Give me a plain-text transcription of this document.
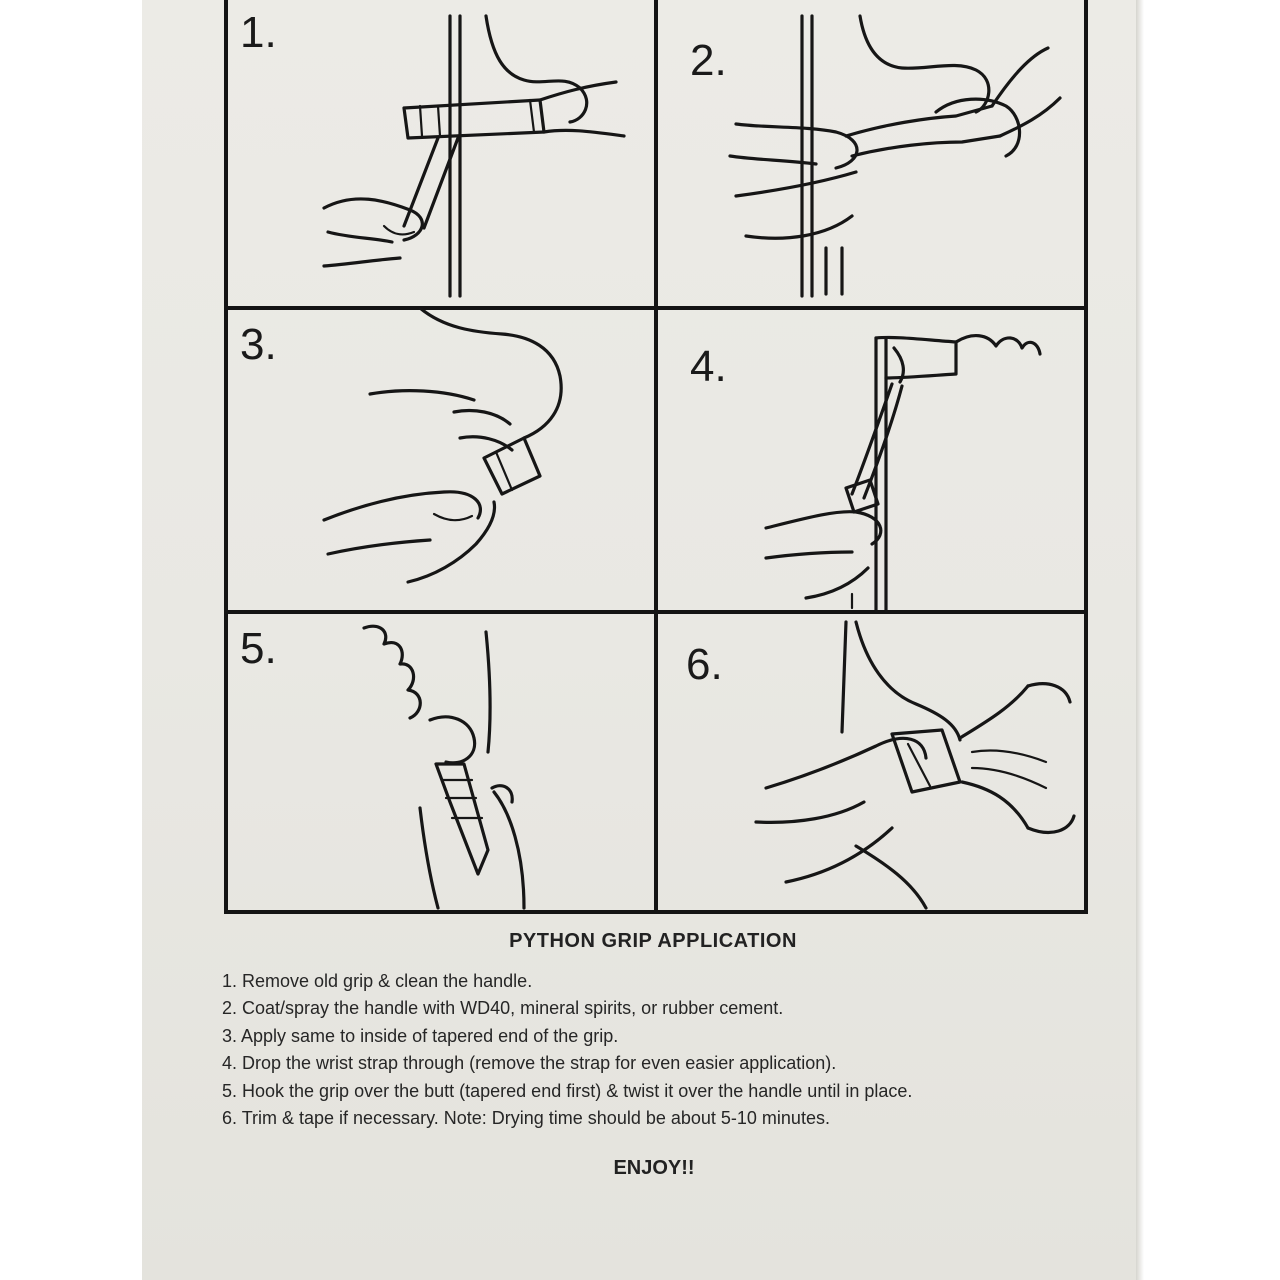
1.
2.
3.	4.
5.	6.
PYTHON GRIP APPLICATION
1. Remove old grip & clean the handle.
2. Coat/spray the handle with WD40, mineral spirits, or rubber cement.
3. Apply same to inside of tapered end of the grip.
4. Drop the wrist strap through (remove the strap for even easier application).
5. Hook the grip over the butt (tapered end first) & twist it over the handle until in place.
6. Trim & tape if necessary. Note: Drying time should be about 5-10 minutes.
ENJOY!!
